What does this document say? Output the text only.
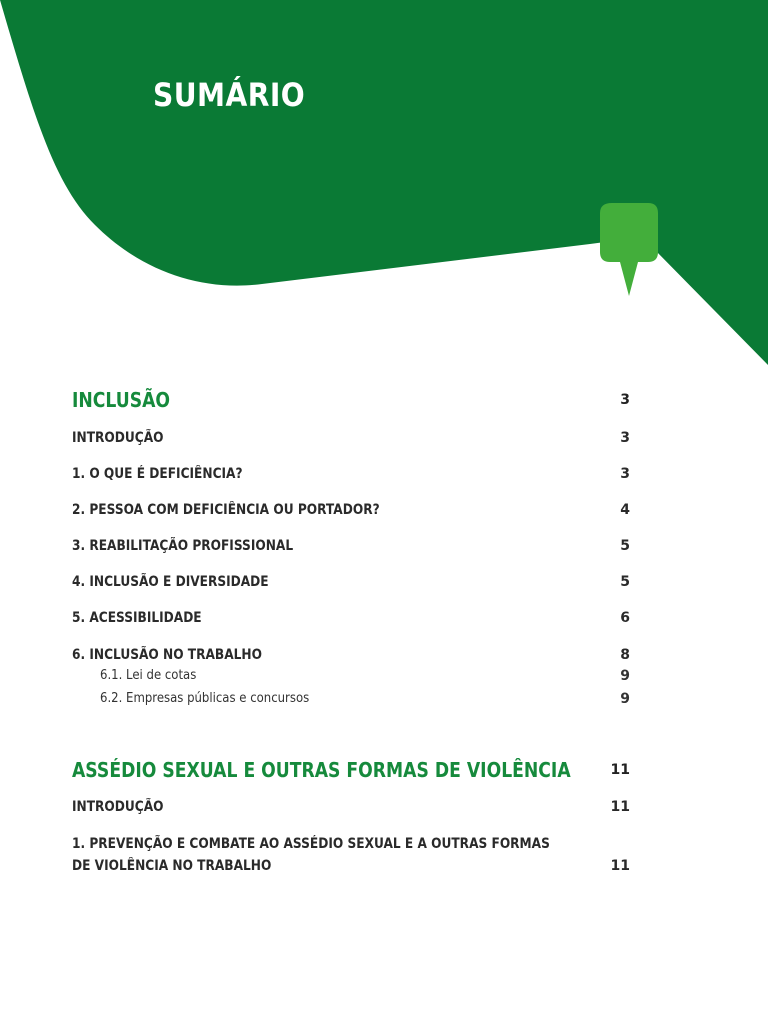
SUMÁRIO
INCLUSÃO	3
INTRODUÇÃO	3
1. O QUE É DEFICIÊNCIA?	3
2. PESSOA COM DEFICIÊNCIA OU PORTADOR?	4
3. REABILITAÇÃO PROFISSIONAL	5
4. INCLUSÃO E DIVERSIDADE	5
5. ACESSIBILIDADE	6
6. INCLUSÃO NO TRABALHO	8
6.1. Lei de cotas	9
6.2. Empresas públicas e concursos	9
ASSÉDIO SEXUAL E OUTRAS FORMAS DE VIOLÊNCIA	11
INTRODUÇÃO	11
1. PREVENÇÃO E COMBATE AO ASSÉDIO SEXUAL E A OUTRAS FORMAS
DE VIOLÊNCIA NO TRABALHO	11
